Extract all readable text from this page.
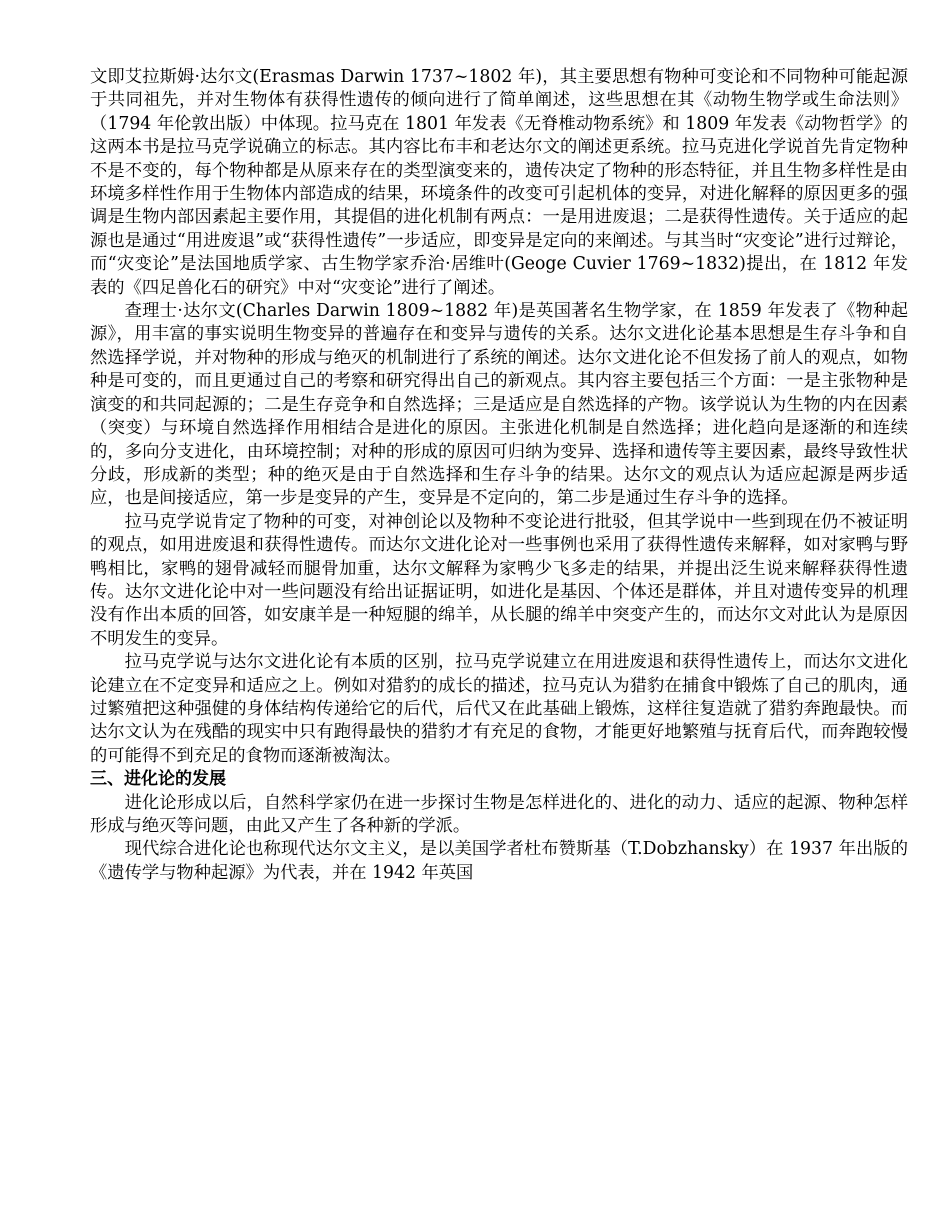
文即艾拉斯姆·达尔文(Erasmas Darwin 1737~1802 年)，其主要思想有物种可变论和不同物种可能起源于共同祖先，并对生物体有获得性遗传的倾向进行了简单阐述，这些思想在其《动物生物学或生命法则》（1794 年伦敦出版）中体现。拉马克在 1801 年发表《无脊椎动物系统》和 1809 年发表《动物哲学》的这两本书是拉马克学说确立的标志。其内容比布丰和老达尔文的阐述更系统。拉马克进化学说首先肯定物种不是不变的，每个物种都是从原来存在的类型演变来的，遗传决定了物种的形态特征，并且生物多样性是由环境多样性作用于生物体内部造成的结果，环境条件的改变可引起机体的变异，对进化解释的原因更多的强调是生物内部因素起主要作用，其提倡的进化机制有两点：一是用进废退；二是获得性遗传。关于适应的起源也是通过“用进废退”或“获得性遗传”一步适应，即变异是定向的来阐述。与其当时“灾变论”进行过辩论，而“灾变论”是法国地质学家、古生物学家乔治·居维叶(Geoge Cuvier 1769~1832)提出，在 1812 年发表的《四足兽化石的研究》中对“灾变论”进行了阐述。

查理士·达尔文(Charles Darwin 1809~1882 年)是英国著名生物学家，在 1859 年发表了《物种起源》，用丰富的事实说明生物变异的普遍存在和变异与遗传的关系。达尔文进化论基本思想是生存斗争和自然选择学说，并对物种的形成与绝灭的机制进行了系统的阐述。达尔文进化论不但发扬了前人的观点，如物种是可变的，而且更通过自己的考察和研究得出自己的新观点。其内容主要包括三个方面：一是主张物种是演变的和共同起源的；二是生存竞争和自然选择；三是适应是自然选择的产物。该学说认为生物的内在因素（突变）与环境自然选择作用相结合是进化的原因。主张进化机制是自然选择；进化趋向是逐渐的和连续的，多向分支进化，由环境控制；对种的形成的原因可归纳为变异、选择和遗传等主要因素，最终导致性状分歧，形成新的类型；种的绝灭是由于自然选择和生存斗争的结果。达尔文的观点认为适应起源是两步适应，也是间接适应，第一步是变异的产生，变异是不定向的，第二步是通过生存斗争的选择。

拉马克学说肯定了物种的可变，对神创论以及物种不变论进行批驳，但其学说中一些到现在仍不被证明的观点，如用进废退和获得性遗传。而达尔文进化论对一些事例也采用了获得性遗传来解释，如对家鸭与野鸭相比，家鸭的翅骨减轻而腿骨加重，达尔文解释为家鸭少飞多走的结果，并提出泛生说来解释获得性遗传。达尔文进化论中对一些问题没有给出证据证明，如进化是基因、个体还是群体，并且对遗传变异的机理没有作出本质的回答，如安康羊是一种短腿的绵羊，从长腿的绵羊中突变产生的，而达尔文对此认为是原因不明发生的变异。

拉马克学说与达尔文进化论有本质的区别，拉马克学说建立在用进废退和获得性遗传上，而达尔文进化论建立在不定变异和适应之上。例如对猎豹的成长的描述，拉马克认为猎豹在捕食中锻炼了自己的肌肉，通过繁殖把这种强健的身体结构传递给它的后代，后代又在此基础上锻炼，这样往复造就了猎豹奔跑最快。而达尔文认为在残酷的现实中只有跑得最快的猎豹才有充足的食物，才能更好地繁殖与抚育后代，而奔跑较慢的可能得不到充足的食物而逐渐被淘汰。

三、进化论的发展

进化论形成以后，自然科学家仍在进一步探讨生物是怎样进化的、进化的动力、适应的起源、物种怎样形成与绝灭等问题，由此又产生了各种新的学派。

现代综合进化论也称现代达尔文主义，是以美国学者杜布赞斯基（T.Dobzhansky）在 1937 年出版的《遗传学与物种起源》为代表，并在 1942 年英国
